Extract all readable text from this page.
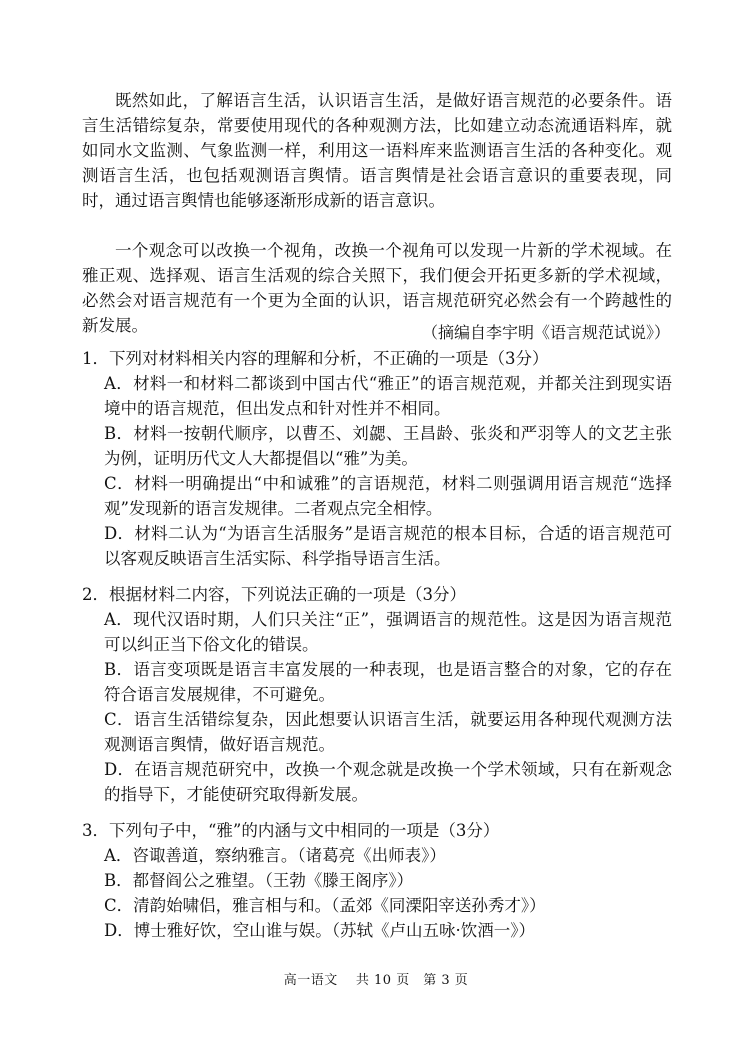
既然如此，了解语言生活，认识语言生活，是做好语言规范的必要条件。语言生活错综复杂，常要使用现代的各种观测方法，比如建立动态流通语料库，就如同水文监测、气象监测一样，利用这一语料库来监测语言生活的各种变化。观测语言生活，也包括观测语言舆情。语言舆情是社会语言意识的重要表现，同时，通过语言舆情也能够逐渐形成新的语言意识。

一个观念可以改换一个视角，改换一个视角可以发现一片新的学术视域。在雅正观、选择观、语言生活观的综合关照下，我们便会开拓更多新的学术视域，必然会对语言规范有一个更为全面的认识，语言规范研究必然会有一个跨越性的新发展。	（摘编自李宇明《语言规范试说》）

1．下列对材料相关内容的理解和分析，不正确的一项是（3分）

A．材料一和材料二都谈到中国古代“雅正”的语言规范观，并都关注到现实语境中的语言规范，但出发点和针对性并不相同。

B．材料一按朝代顺序，以曹丕、刘勰、王昌龄、张炎和严羽等人的文艺主张为例，证明历代文人大都提倡以“雅”为美。

C．材料一明确提出“中和诚雅”的言语规范，材料二则强调用语言规范“选择观”发现新的语言发规律。二者观点完全相悖。

D．材料二认为“为语言生活服务”是语言规范的根本目标，合适的语言规范可以客观反映语言生活实际、科学指导语言生活。

2．根据材料二内容，下列说法正确的一项是（3分）

A．现代汉语时期，人们只关注“正”，强调语言的规范性。这是因为语言规范可以纠正当下俗文化的错误。

B．语言变项既是语言丰富发展的一种表现，也是语言整合的对象，它的存在符合语言发展规律，不可避免。

C．语言生活错综复杂，因此想要认识语言生活，就要运用各种现代观测方法观测语言舆情，做好语言规范。

D．在语言规范研究中，改换一个观念就是改换一个学术领域，只有在新观念的指导下，才能使研究取得新发展。

3．下列句子中，“雅”的内涵与文中相同的一项是（3分）

A．咨诹善道，察纳雅言。（诸葛亮《出师表》）

B．都督阎公之雅望。（王勃《滕王阁序》）

C．清韵始啸侣，雅言相与和。（孟郊《同溧阳宰送孙秀才》）

D．博士雅好饮，空山谁与娱。（苏轼《卢山五咏·饮酒一》）

高一语文　 共 10 页　第 3 页
